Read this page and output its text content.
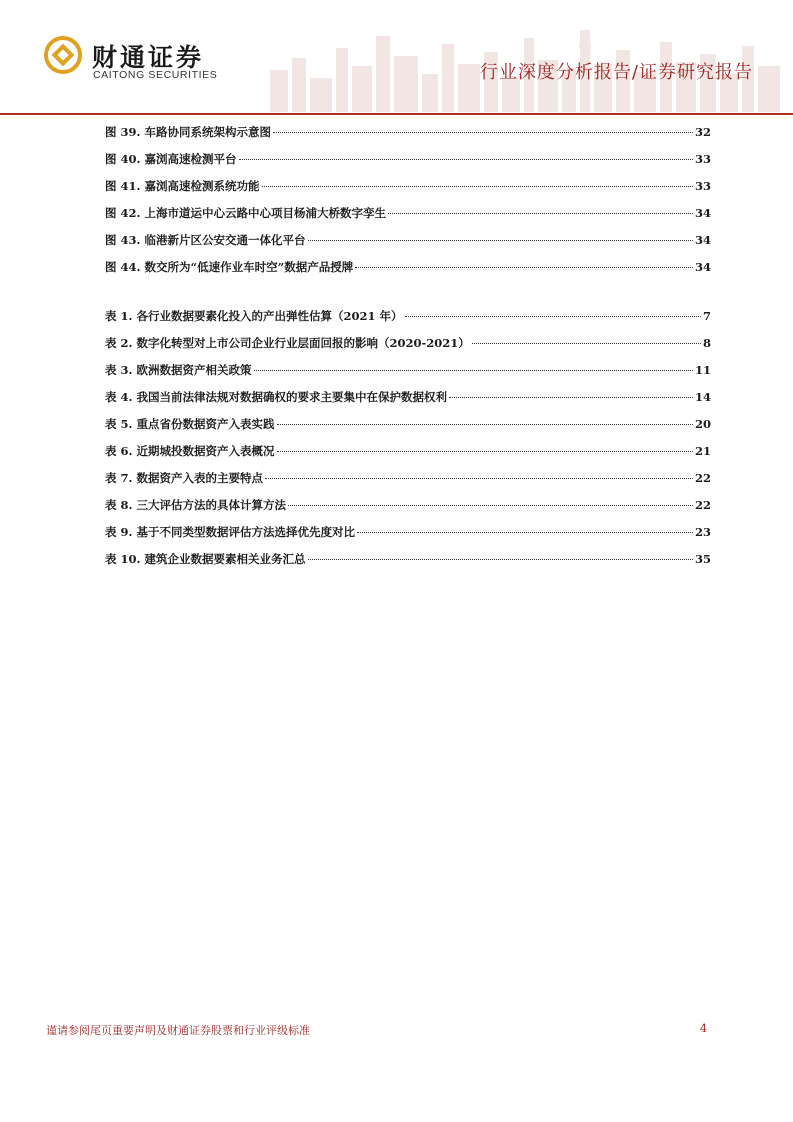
财通证券
CAITONG SECURITIES	行业深度分析报告/证券研究报告
图 39. 车路协同系统架构示意图	32
图 40. 嘉浏高速检测平台	33
图 41. 嘉浏高速检测系统功能	33
图 42. 上海市道运中心云路中心项目杨浦大桥数字孪生	34
图 43. 临港新片区公安交通一体化平台	34
图 44. 数交所为“低速作业车时空”数据产品授牌	34
表 1. 各行业数据要素化投入的产出弹性估算（2021 年）	7
表 2. 数字化转型对上市公司企业行业层面回报的影响（2020-2021）	8
表 3. 欧洲数据资产相关政策	11
表 4. 我国当前法律法规对数据确权的要求主要集中在保护数据权利	14
表 5. 重点省份数据资产入表实践	20
表 6. 近期城投数据资产入表概况	21
表 7. 数据资产入表的主要特点	22
表 8. 三大评估方法的具体计算方法	22
表 9. 基于不同类型数据评估方法选择优先度对比	23
表 10. 建筑企业数据要素相关业务汇总	35
谨请参阅尾页重要声明及财通证券股票和行业评级标准	4
